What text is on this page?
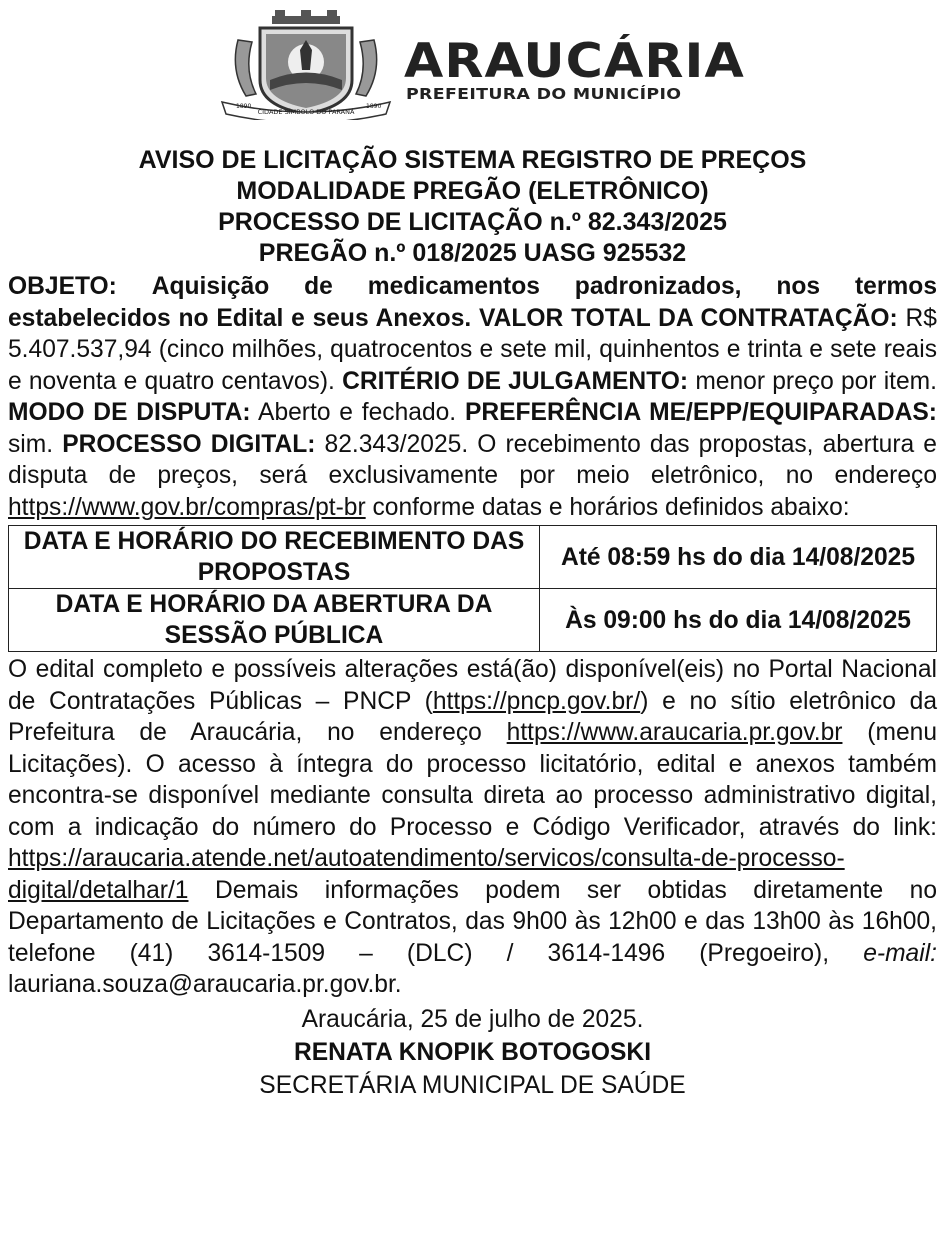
CIDADE SÍMBOLO DO PARANÁ
1890	1890
ARAUCÁRIA
PREFEITURA DO MUNICÍPIO
AVISO DE LICITAÇÃO SISTEMA REGISTRO DE PREÇOS
MODALIDADE PREGÃO (ELETRÔNICO)
PROCESSO DE LICITAÇÃO n.º 82.343/2025
PREGÃO n.º 018/2025 UASG 925532
OBJETO: Aquisição de medicamentos padronizados, nos termos estabelecidos no Edital e seus Anexos. VALOR TOTAL DA CONTRATAÇÃO: R$ 5.407.537,94 (cinco milhões, quatrocentos e sete mil, quinhentos e trinta e sete reais e noventa e quatro centavos). CRITÉRIO DE JULGAMENTO: menor preço por item. MODO DE DISPUTA: Aberto e fechado. PREFERÊNCIA ME/EPP/EQUIPARADAS: sim. PROCESSO DIGITAL: 82.343/2025. O recebimento das propostas, abertura e disputa de preços, será exclusivamente por meio eletrônico, no endereço https://www.gov.br/compras/pt-br conforme datas e horários definidos abaixo:
DATA E HORÁRIO DO RECEBIMENTO DAS PROPOSTAS	Até 08:59 hs do dia 14/08/2025
DATA E HORÁRIO DA ABERTURA DA SESSÃO PÚBLICA	Às 09:00 hs do dia 14/08/2025
O edital completo e possíveis alterações está(ão) disponível(eis) no Portal Nacional de Contratações Públicas – PNCP (https://pncp.gov.br/) e no sítio eletrônico da Prefeitura de Araucária, no endereço https://www.araucaria.pr.gov.br (menu Licitações). O acesso à íntegra do processo licitatório, edital e anexos também encontra-se disponível mediante consulta direta ao processo administrativo digital, com a indicação do número do Processo e Código Verificador, através do link: https://araucaria.atende.net/autoatendimento/servicos/consulta-de-processo-digital/detalhar/1 Demais informações podem ser obtidas diretamente no Departamento de Licitações e Contratos, das 9h00 às 12h00 e das 13h00 às 16h00, telefone (41) 3614-1509 – (DLC) / 3614-1496 (Pregoeiro), e-mail: lauriana.souza@araucaria.pr.gov.br.
Araucária, 25 de julho de 2025.
RENATA KNOPIK BOTOGOSKI
SECRETÁRIA MUNICIPAL DE SAÚDE
